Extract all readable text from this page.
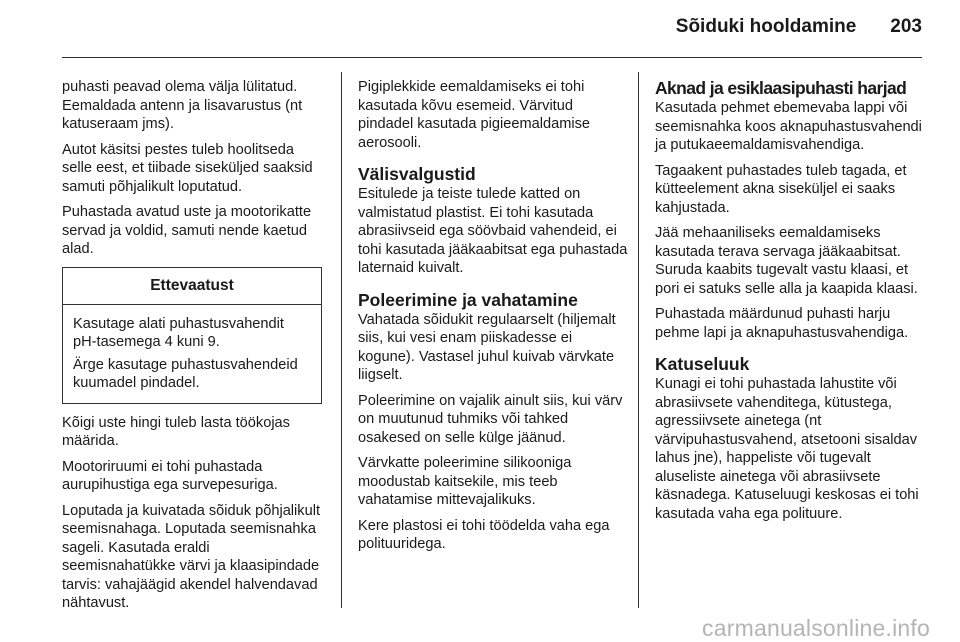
Sõiduki hooldamine 203

puhasti peavad olema välja lülitatud. Eemaldada antenn ja lisavarustus (nt katuseraam jms).

Autot käsitsi pestes tuleb hoolitseda selle eest, et tiibade siseküljed saaksid samuti põhjalikult loputatud.

Puhastada avatud uste ja mootorikatte servad ja voldid, samuti nende kaetud alad.

Ettevaatust

Kasutage alati puhastusvahendit pH-tasemega 4 kuni 9.

Ärge kasutage puhastusvahendeid kuumadel pindadel.

Kõigi uste hingi tuleb lasta töökojas määrida.

Mootoriruumi ei tohi puhastada aurupihustiga ega survepesuriga.

Loputada ja kuivatada sõiduk põhjalikult seemisnahaga. Loputada seemisnahka sageli. Kasutada eraldi seemisnahatükke värvi ja klaasipindade tarvis: vahajäägid akendel halvendavad nähtavust.

Pigiplekkide eemaldamiseks ei tohi kasutada kõvu esemeid. Värvitud pindadel kasutada pigieemaldamise aerosooli.

Välisvalgustid

Esitulede ja teiste tulede katted on valmistatud plastist. Ei tohi kasutada abrasiivseid ega söövbaid vahendeid, ei tohi kasutada jääkaabitsat ega puhastada laternaid kuivalt.

Poleerimine ja vahatamine

Vahatada sõidukit regulaarselt (hiljemalt siis, kui vesi enam piiskadesse ei kogune). Vastasel juhul kuivab värvkate liigselt.

Poleerimine on vajalik ainult siis, kui värv on muutunud tuhmiks või tahked osakesed on selle külge jäänud.

Värvkatte poleerimine silikooniga moodustab kaitsekile, mis teeb vahatamise mittevajalikuks.

Kere plastosi ei tohi töödelda vaha ega polituuridega.

Aknad ja esiklaasipuhasti harjad

Kasutada pehmet ebemevaba lappi või seemisnahka koos aknapuhastusvahendi ja putukaeemaldamisvahendiga.

Tagaakent puhastades tuleb tagada, et kütteelement akna siseküljel ei saaks kahjustada.

Jää mehaaniliseks eemaldamiseks kasutada terava servaga jääkaabitsat. Suruda kaabits tugevalt vastu klaasi, et pori ei satuks selle alla ja kaapida klaasi.

Puhastada määrdunud puhasti harju pehme lapi ja aknapuhastusvahendiga.

Katuseluuk

Kunagi ei tohi puhastada lahustite või abrasiivsete vahenditega, kütustega, agressiivsete ainetega (nt värvipuhastusvahend, atsetooni sisaldav lahus jne), happeliste või tugevalt aluseliste ainetega või abrasiivsete käsnadega. Katuseluugi keskosas ei tohi kasutada vaha ega polituure.

carmanualsonline.info
